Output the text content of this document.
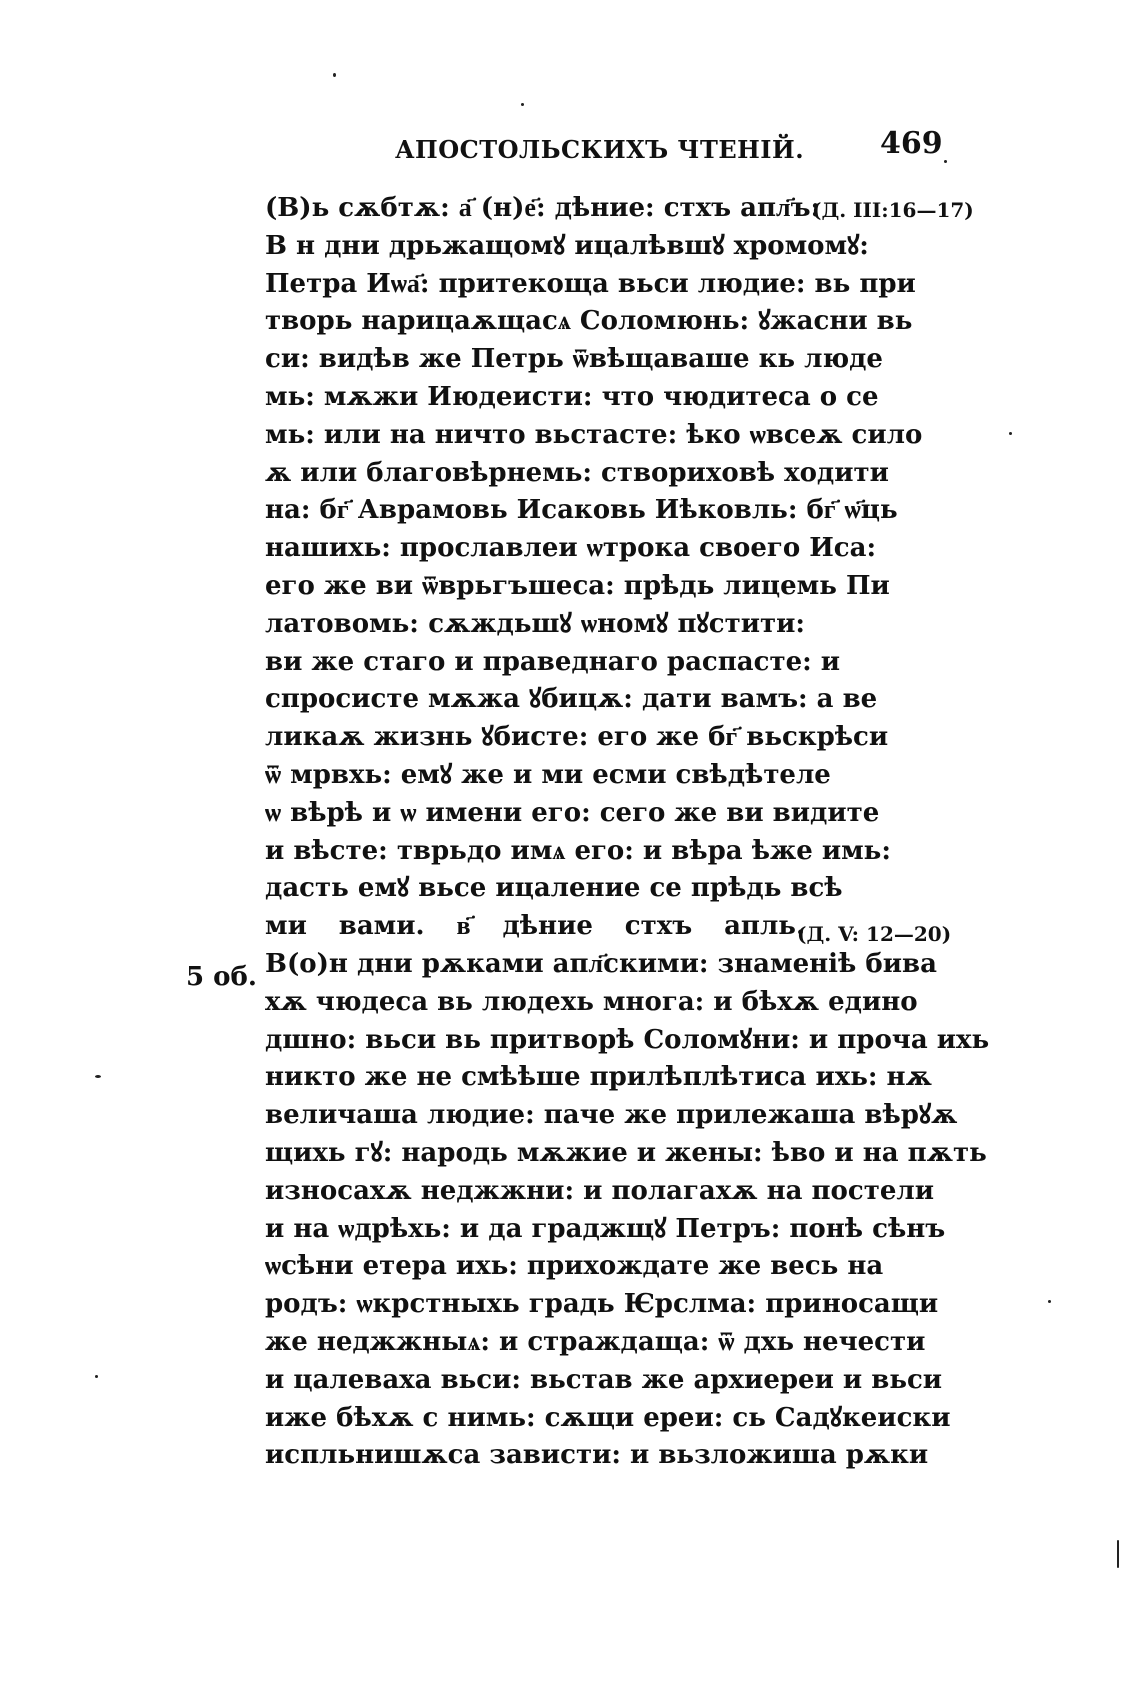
АПОСТОЛЬСКИХЪ ЧТЕНІЙ.	469
(Д. III:16—17)
(Д. V: 12—20)
5 об.
(В)ь сѫбтѫ: а҃ (н)е҃: дѣние: стхъ апл҃ъ:
В н дни дрьжащомꙋ ицалѣвшꙋ хромомꙋ:
Петра Иѡа҃: притекоща вьси людие: вь при
творь нарицаѫщасѧ Соломюнь: ꙋжасни вь
си: видѣв же Петрь ѿвѣщаваше кь люде
мь: мѫжи Июдеисти: что чюдитеса о се
мь: или на ничто вьстасте: ѣко ѡвсеѫ сило
ѫ или благовѣрнемь: створиховѣ ходити
на: бг҃ Аврамовь Исаковь Иѣковль: бг҃ ѡ҃ць
нашихь: прославлеи ѡтрока своего Иса:
его же ви ѿврьгъшеса: прѣдь лицемь Пи
латовомь: сѫждьшꙋ ѡномꙋ пꙋстити:
ви же стаго и праведнаго распасте: и
спросисте мѫжа ꙋбицѫ: дати вамъ: а ве
ликаѫ жизнь ꙋбисте: его же бг҃ вьскрѣси
ѿ мрвхь: емꙋ же и ми есми свѣдѣтеле
ѡ вѣрѣ и ѡ имени его: сего же ви видите
и вѣсте: тврьдо имѧ его: и вѣра ѣже имь:
дасть емꙋ вьсе ицаление се прѣдь всѣ
ми вами. в҃ дѣние стхъ апль.
В(о)н дни рѫками апл҃скими: знаменіѣ бива
хѫ чюдеса вь людехь многа: и бѣхѫ едино
дшно: вьси вь притворѣ Соломꙋни: и проча ихь
никто же не смѣѣше прилѣплѣтиса ихь: нѫ
величаша людие: паче же прилежаша вѣрꙋѫ
щихь гꙋ: народь мѫжие и жены: ѣво и на пѫть
износахѫ неджжни: и полагахѫ на постели
и на ѡдрѣхь: и да граджщꙋ Петръ: понѣ сѣнъ
ѡсѣни етера ихь: прихождате же весь на
родъ: ѡкрстныхь градь Ѥрслма: приносащи
же неджжныѧ: и страждаща: ѿ дхь нечести
и цалеваха вьси: вьстав же архиереи и вьси
иже бѣхѫ с нимь: сѫщи ереи: сь Садꙋкеиски
испльнишѫса зависти: и вьзложиша рѫки
